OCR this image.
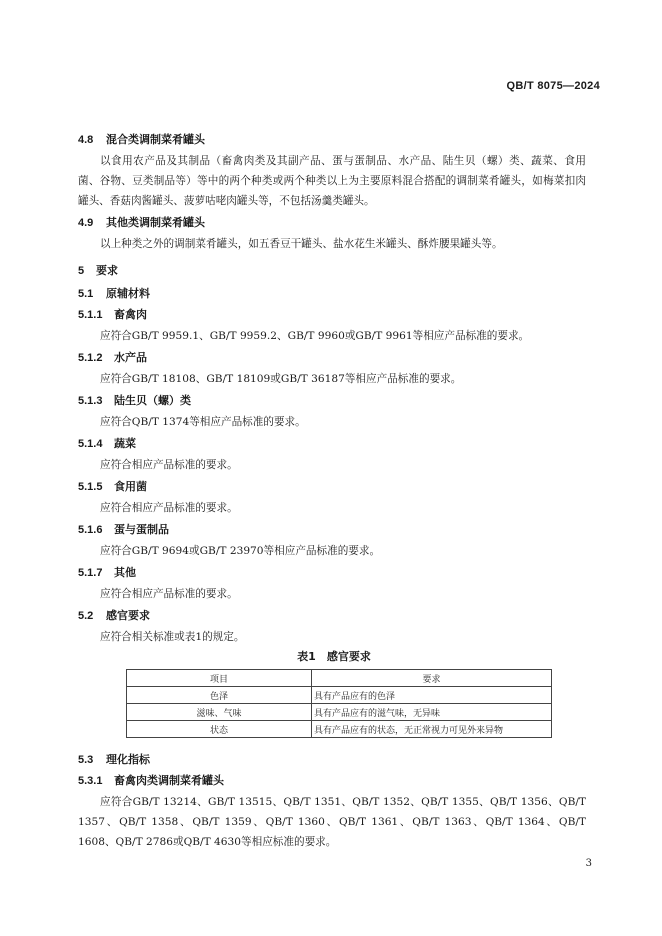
QB/T 8075—2024
4.8 混合类调制菜肴罐头

以食用农产品及其制品（畜禽肉类及其副产品、蛋与蛋制品、水产品、陆生贝（螺）类、蔬菜、食用菌、谷物、豆类制品等）等中的两个种类或两个种类以上为主要原料混合搭配的调制菜肴罐头，如梅菜扣肉罐头、香菇肉酱罐头、菠萝咕咾肉罐头等，不包括汤羹类罐头。

4.9 其他类调制菜肴罐头

以上种类之外的调制菜肴罐头，如五香豆干罐头、盐水花生米罐头、酥炸腰果罐头等。

5 要求
5.1 原辅材料
5.1.1 畜禽肉

应符合GB/T 9959.1、GB/T 9959.2、GB/T 9960或GB/T 9961等相应产品标准的要求。

5.1.2 水产品

应符合GB/T 18108、GB/T 18109或GB/T 36187等相应产品标准的要求。

5.1.3 陆生贝（螺）类

应符合QB/T 1374等相应产品标准的要求。

5.1.4 蔬菜

应符合相应产品标准的要求。

5.1.5 食用菌

应符合相应产品标准的要求。

5.1.6 蛋与蛋制品

应符合GB/T 9694或GB/T 23970等相应产品标准的要求。

5.1.7 其他

应符合相应产品标准的要求。

5.2 感官要求

应符合相关标准或表1的规定。

表1　感官要求
项目	要求
色泽	具有产品应有的色泽
滋味、气味	具有产品应有的滋气味，无异味
状态	具有产品应有的状态，无正常视力可见外来异物
5.3 理化指标
5.3.1 畜禽肉类调制菜肴罐头

应符合GB/T 13214、GB/T 13515、QB/T 1351、QB/T 1352、QB/T 1355、QB/T 1356、QB/T 1357、QB/T 1358、QB/T 1359、QB/T 1360、QB/T 1361、QB/T 1363、QB/T 1364、QB/T 1608、QB/T 2786或QB/T 4630等相应标准的要求。

3
